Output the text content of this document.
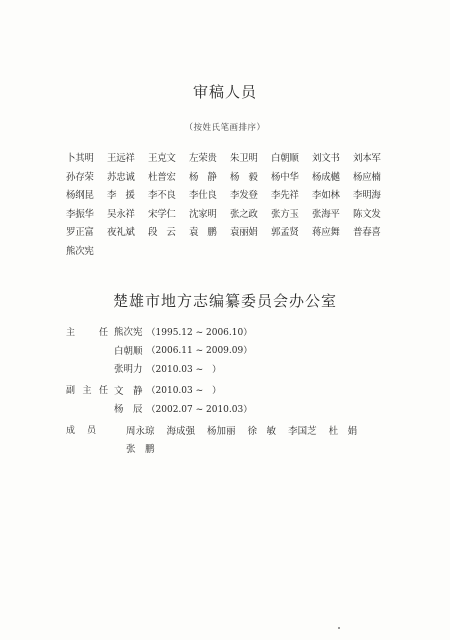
审稿人员
（按姓氏笔画排序）
卜其明	王远祥	王克文	左荣贵	朱卫明	白朝顺	刘文书	刘本军
孙存荣	苏忠诚	杜普宏	杨　静	杨　毅	杨中华	杨成樾	杨应楠
杨纲昆	李　援	李不良	李仕良	李发登	李先祥	李如林	李明海
李振华	吴永祥	宋学仁	沈家明	张之政	张方玉	张海平	陈文发
罗正富	夜礼斌	段　云	袁　鹏	袁丽娟	郭孟贤	蒋应舞	普春喜
熊次宪
楚雄市地方志编纂委员会办公室
主	任 熊次宪 （1995.12 ~ 2006.10）
白朝顺 （2006.11 ~ 2009.09）
张明力 （2010.03 ~　）
副 主 任 文　静 （2010.03 ~　）
杨　辰 （2002.07 ~ 2010.03）
成 员	周永琼 海成强 杨加丽 徐　敏 李国芝 杜　娟
张　鹏
